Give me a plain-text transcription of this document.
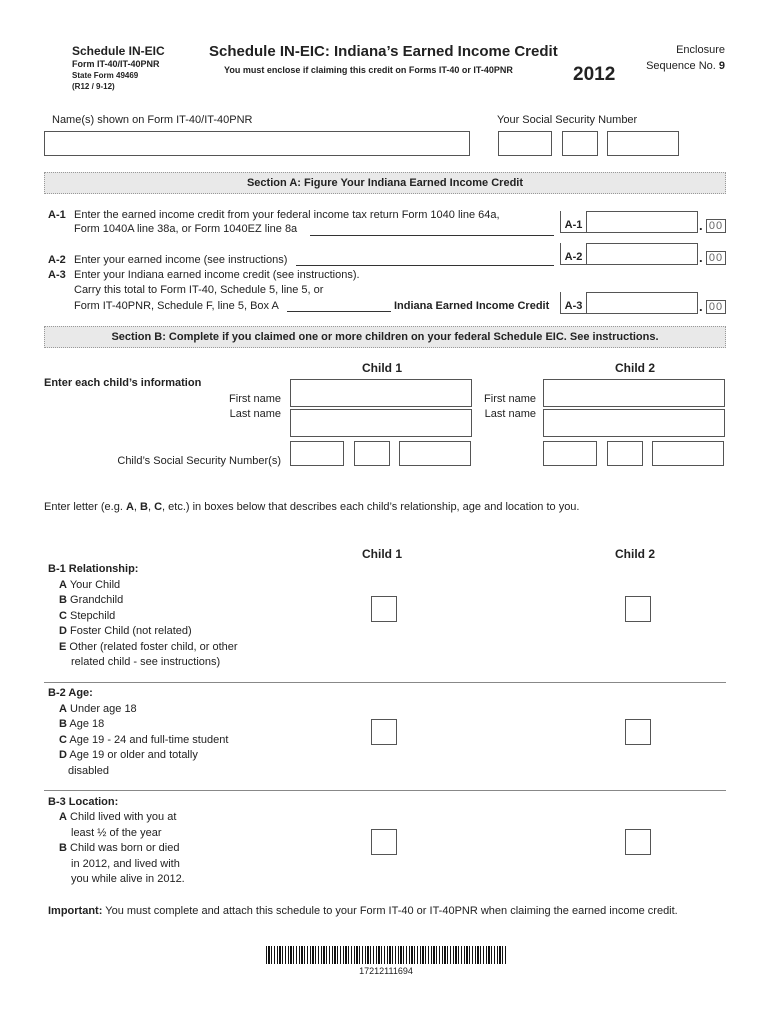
Schedule IN-EIC
Form IT-40/IT-40PNR
State Form 49469
(R12 / 9-12)
Schedule IN-EIC: Indiana’s Earned Income Credit
You must enclose if claiming this credit on Forms IT-40 or IT-40PNR	2012
Enclosure
Sequence No. 9
Name(s) shown on Form IT-40/IT-40PNR	Your Social Security Number
Section A: Figure Your Indiana Earned Income Credit
A-1 Enter the earned income credit from your federal income tax return Form 1040 line 64a,
Form 1040A line 38a, or Form 1040EZ line 8a	A-1	. 00
A-2 Enter your earned income (see instructions)	A-2	. 00
A-3 Enter your Indiana earned income credit (see instructions).
Carry this total to Form IT-40, Schedule 5, line 5, or
Form IT-40PNR, Schedule F, line 5, Box A	Indiana Earned Income Credit	A-3	. 00
Section B: Complete if you claimed one or more children on your federal Schedule EIC. See instructions.
Child 1	Child 2
Enter each child’s information
First name
Last name
First name
Last name
Child’s Social Security Number(s)
Enter letter (e.g. A, B, C, etc.) in boxes below that describes each child’s relationship, age and location to you.
Child 1	Child 2
B-1 Relationship:
A Your Child
B Grandchild
C Stepchild
D Foster Child (not related)
E Other (related foster child, or other
related child - see instructions)
B-2 Age:
A Under age 18
B Age 18
C Age 19 - 24 and full-time student
D Age 19 or older and totally
disabled
B-3 Location:
A Child lived with you at
least ½ of the year
B Child was born or died
in 2012, and lived with
you while alive in 2012.
Important: You must complete and attach this schedule to your Form IT-40 or IT-40PNR when claiming the earned income credit.
17212111694
